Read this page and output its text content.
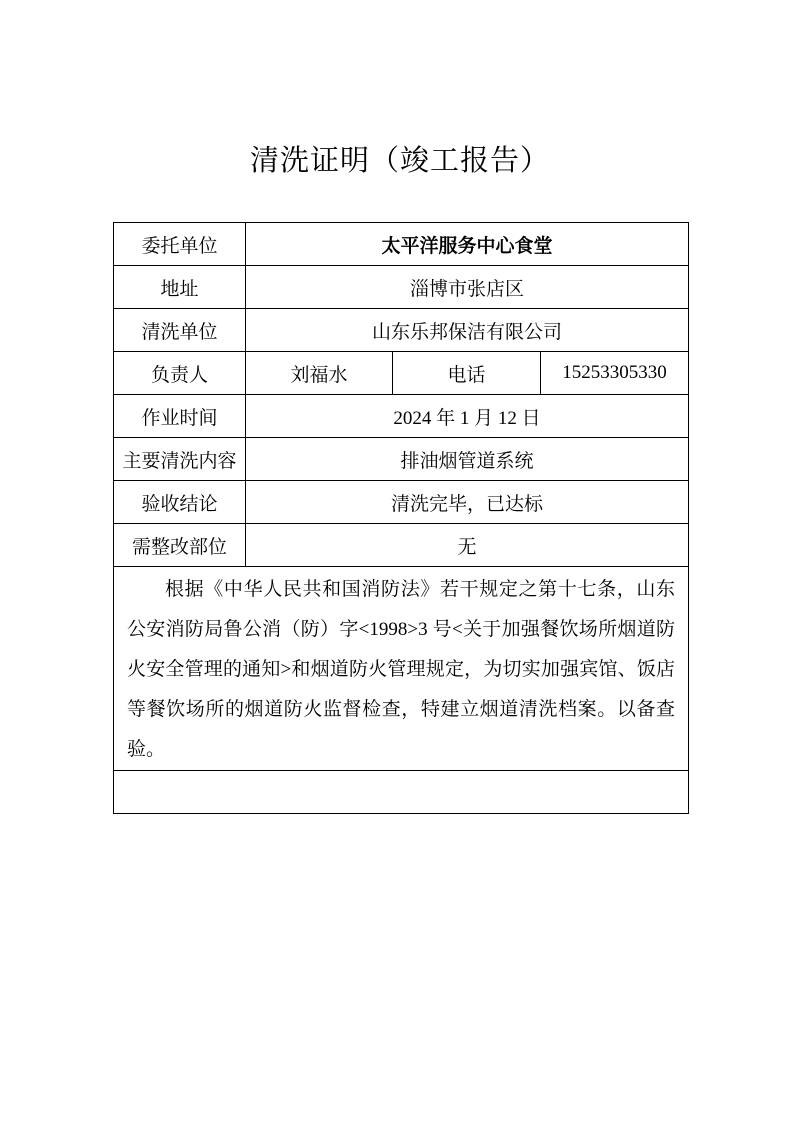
清洗证明（竣工报告）
委托单位	太平洋服务中心食堂		
地址	淄博市张店区		
清洗单位	山东乐邦保洁有限公司		
负责人	刘福水	电话	15253305330
作业时间	2024 年 1 月 12 日		
主要清洗内容	排油烟管道系统		
验收结论	清洗完毕，已达标		
需整改部位	无		

根据《中华人民共和国消防法》若干规定之第十七条，山东公安消防局鲁公消（防）字<1998>3 号<关于加强餐饮场所烟道防火安全管理的通知>和烟道防火管理规定，为切实加强宾馆、饭店等餐饮场所的烟道防火监督检查，特建立烟道清洗档案。以备查验。			

山东乐邦保洁有限公司
3703072			
